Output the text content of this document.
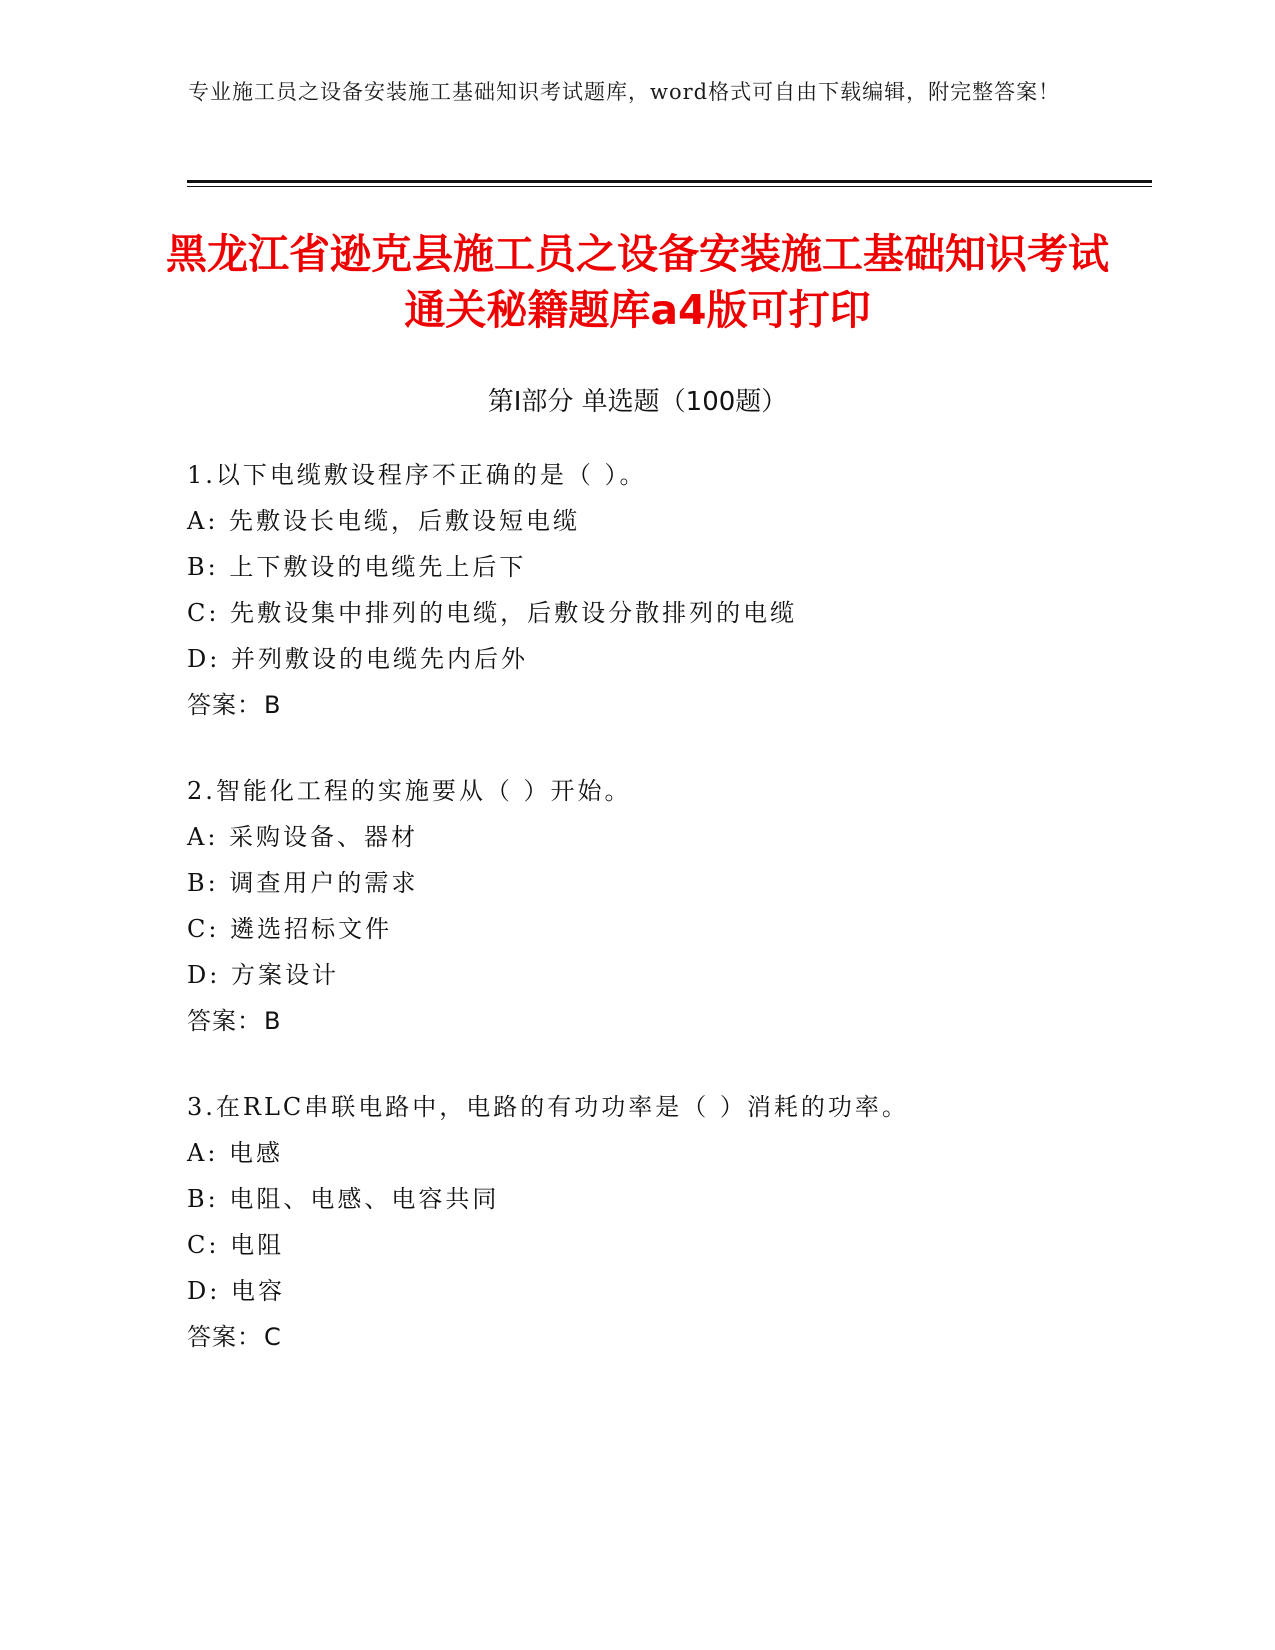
专业施工员之设备安装施工基础知识考试题库，word格式可自由下载编辑，附完整答案！
黑龙江省逊克县施工员之设备安装施工基础知识考试通关秘籍题库a4版可打印
第Ⅰ部分 单选题（100题）
1.以下电缆敷设程序不正确的是（ ）。
A: 先敷设长电缆，后敷设短电缆
B: 上下敷设的电缆先上后下
C: 先敷设集中排列的电缆，后敷设分散排列的电缆
D: 并列敷设的电缆先内后外
答案：B
2.智能化工程的实施要从（ ）开始。
A: 采购设备、器材
B: 调查用户的需求
C: 遴选招标文件
D: 方案设计
答案：B
3.在RLC串联电路中，电路的有功功率是（ ）消耗的功率。
A: 电感
B: 电阻、电感、电容共同
C: 电阻
D: 电容
答案：C
